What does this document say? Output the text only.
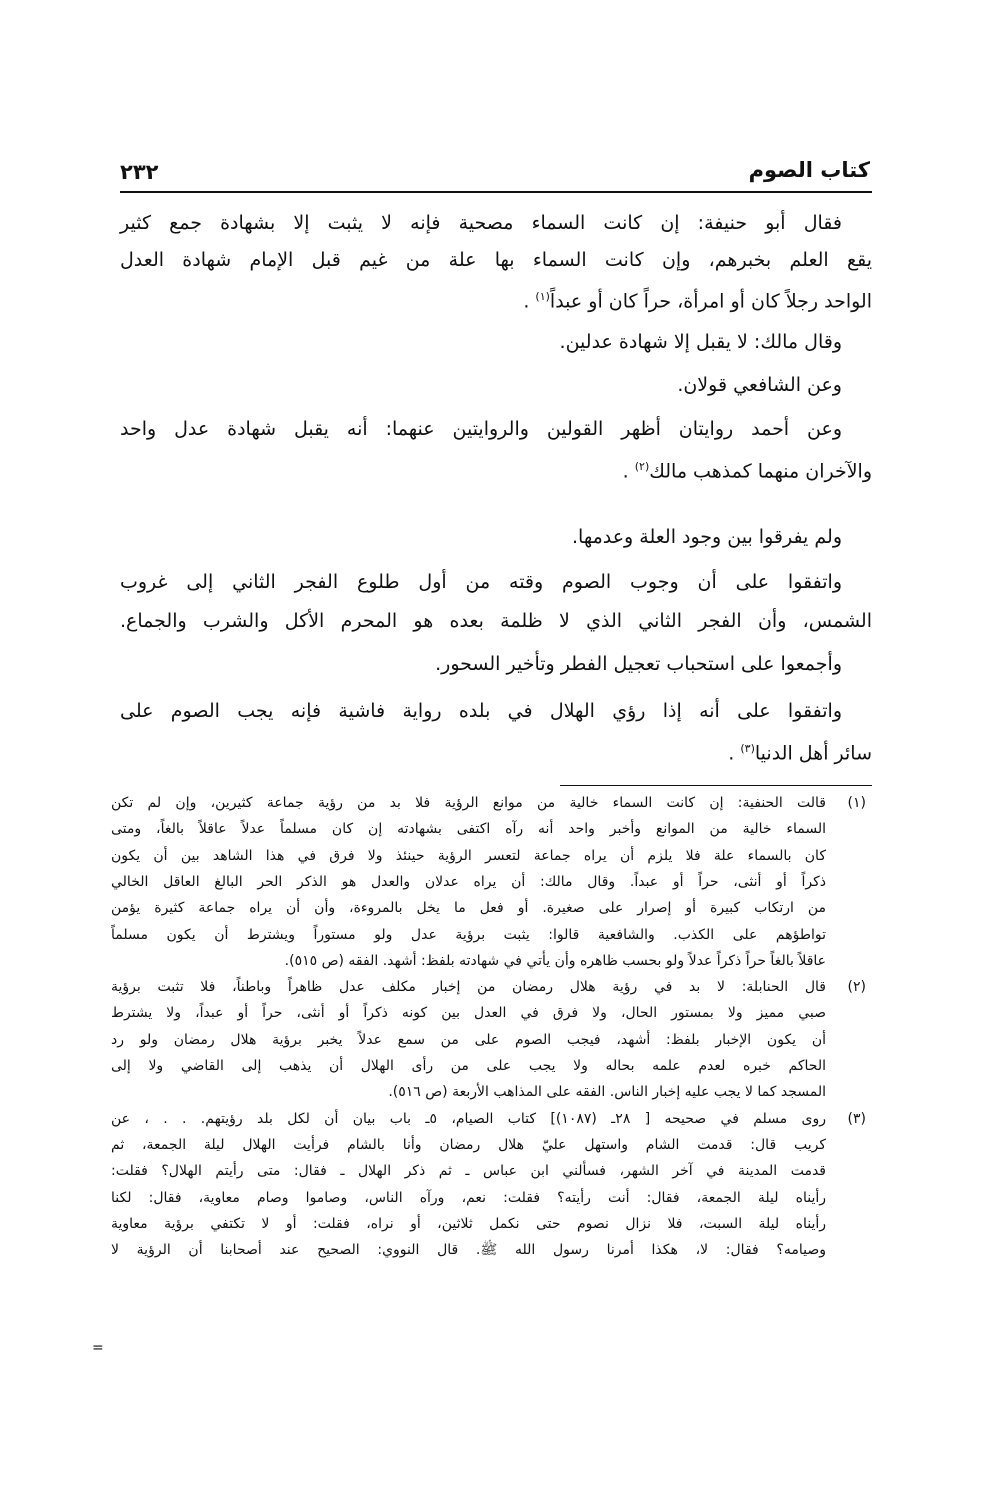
كتاب الصوم
٢٣٢
فقال أبو حنيفة: إن كانت السماء مصحية فإنه لا يثبت إلا بشهادة جمع كثير
يقع العلم بخبرهم، وإن كانت السماء بها علة من غيم قبل الإمام شهادة العدل
الواحد رجلاً كان أو امرأة، حراً كان أو عبداً$^{(١)}$ .
وقال مالك: لا يقبل إلا شهادة عدلين.
وعن الشافعي قولان.
وعن أحمد روايتان أظهر القولين والروايتين عنهما: أنه يقبل شهادة عدل واحد
والآخران منهما كمذهب مالك$^{(٢)}$ .
ولم يفرقوا بين وجود العلة وعدمها.
واتفقوا على أن وجوب الصوم وقته من أول طلوع الفجر الثاني إلى غروب
الشمس، وأن الفجر الثاني الذي لا ظلمة بعده هو المحرم الأكل والشرب والجماع.
وأجمعوا على استحباب تعجيل الفطر وتأخير السحور.
واتفقوا على أنه إذا رؤي الهلال في بلده رواية فاشية فإنه يجب الصوم على
سائر أهل الدنيا$^{(٣)}$ .
(١)
قالت الحنفية: إن كانت السماء خالية من موانع الرؤية فلا بد من رؤية جماعة كثيرين، وإن لم تكن
السماء خالية من الموانع وأخبر واحد أنه رآه اكتفى بشهادته إن كان مسلماً عدلاً عاقلاً بالغاً، ومتى
كان بالسماء علة فلا يلزم أن يراه جماعة لتعسر الرؤية حينئذ ولا فرق في هذا الشاهد بين أن يكون
ذكراً أو أنثى، حراً أو عبداً. وقال مالك: أن يراه عدلان والعدل هو الذكر الحر البالغ العاقل الخالي
من ارتكاب كبيرة أو إصرار على صغيرة. أو فعل ما يخل بالمروءة، وأن أن يراه جماعة كثيرة يؤمن
تواطؤهم على الكذب. والشافعية قالوا: يثبت برؤية عدل ولو مستوراً ويشترط أن يكون مسلماً
عاقلاً بالغاً حراً ذكراً عدلاً ولو بحسب ظاهره وأن يأتي في شهادته بلفظ: أشهد. الفقه (ص ٥١٥).
(٢)
قال الحنابلة: لا بد في رؤية هلال رمضان من إخبار مكلف عدل ظاهراً وباطناً، فلا تثبت برؤية
صبي مميز ولا بمستور الحال، ولا فرق في العدل بين كونه ذكراً أو أنثى، حراً أو عبداً، ولا يشترط
أن يكون الإخبار بلفظ: أشهد، فيجب الصوم على من سمع عدلاً يخبر برؤية هلال رمضان ولو رد
الحاكم خبره لعدم علمه بحاله ولا يجب على من رأى الهلال أن يذهب إلى القاضي ولا إلى
المسجد كما لا يجب عليه إخبار الناس. الفقه على المذاهب الأربعة (ص ٥١٦).
(٣)
روى مسلم في صحيحه [ ٢٨ـ (١٠٨٧)] كتاب الصيام، ٥ـ باب بيان أن لكل بلد رؤيتهم. . . ، عن
كريب قال: قدمت الشام واستهل عليّ هلال رمضان وأنا بالشام فرأيت الهلال ليلة الجمعة، ثم
قدمت المدينة في آخر الشهر، فسألني ابن عباس ـ ثم ذكر الهلال ـ فقال: متى رأيتم الهلال؟ فقلت:
رأيناه ليلة الجمعة، فقال: أنت رأيته؟ فقلت: نعم، ورآه الناس، وصاموا وصام معاوية، فقال: لكنا
رأيناه ليلة السبت، فلا نزال نصوم حتى نكمل ثلاثين، أو نراه، فقلت: أو لا تكتفي برؤية معاوية
وصيامه؟ فقال: لا، هكذا أمرنا رسول الله ﷺ. قال النووي: الصحيح عند أصحابنا أن الرؤية لا
=
